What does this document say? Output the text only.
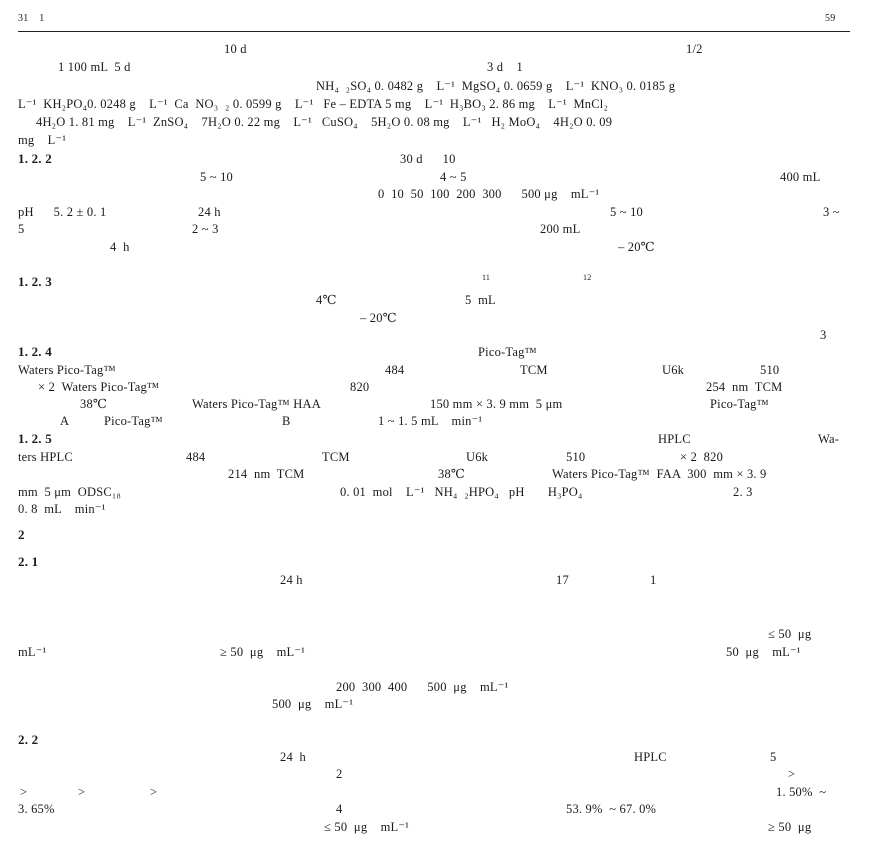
31    1	59
10 d	1/2
1 100 mL  5 d	3 d    1
NH₄  ₂SO₄ 0. 0482 g    L⁻¹  MgSO₄ 0. 0659 g    L⁻¹  KNO₃ 0. 0185 g
L⁻¹  KH₂PO₄0. 0248 g    L⁻¹  Ca  NO₃  ₂ 0. 0599 g    L⁻¹   Fe – EDTA 5 mg    L⁻¹  H₃BO₃ 2. 86 mg    L⁻¹  MnCl₂
4H₂O 1. 81 mg    L⁻¹  ZnSO₄    7H₂O 0. 22 mg    L⁻¹   CuSO₄    5H₂O 0. 08 mg    L⁻¹   H₂ MoO₄    4H₂O 0. 09
mg    L⁻¹
1. 2. 2	30 d      10
5 ~ 10	4 ~ 5	400 mL
0  10  50  100  200  300      500 μg    mL⁻¹
pH      5. 2 ± 0. 1	24 h	5 ~ 10	3 ~
5	2 ~ 3	200 mL
4  h	– 20℃
1. 2. 3	11	12
4℃	5  mL
– 20℃
3
1. 2. 4	Pico-Tag™
Waters Pico-Tag™	484	TCM	U6k	510
× 2  Waters Pico-Tag™	820	254  nm  TCM
38℃	Waters Pico-Tag™ HAA	150 mm × 3. 9 mm  5 μm	Pico-Tag™
A	Pico-Tag™	B	1 ~ 1. 5 mL    min⁻¹
1. 2. 5	HPLC	Wa-
ters HPLC	484	TCM	U6k	510	× 2  820
214  nm  TCM	38℃	Waters Pico-Tag™  FAA  300  mm × 3. 9
mm  5 μm  ODSC₁₈	0. 01  mol    L⁻¹   NH₄  ₂HPO₄   pH       H₃PO₄	2. 3
0. 8  mL    min⁻¹
2
2. 1
24 h	17	1
≤ 50  μg
mL⁻¹	≥ 50  μg    mL⁻¹	50  μg    mL⁻¹
200  300  400      500  μg    mL⁻¹
500  μg    mL⁻¹
2. 2
24  h	HPLC	5
2	>
>	>	>	1. 50%  ~
3. 65%	4	53. 9%  ~ 67. 0%
≤ 50  μg    mL⁻¹	≥ 50  μg
